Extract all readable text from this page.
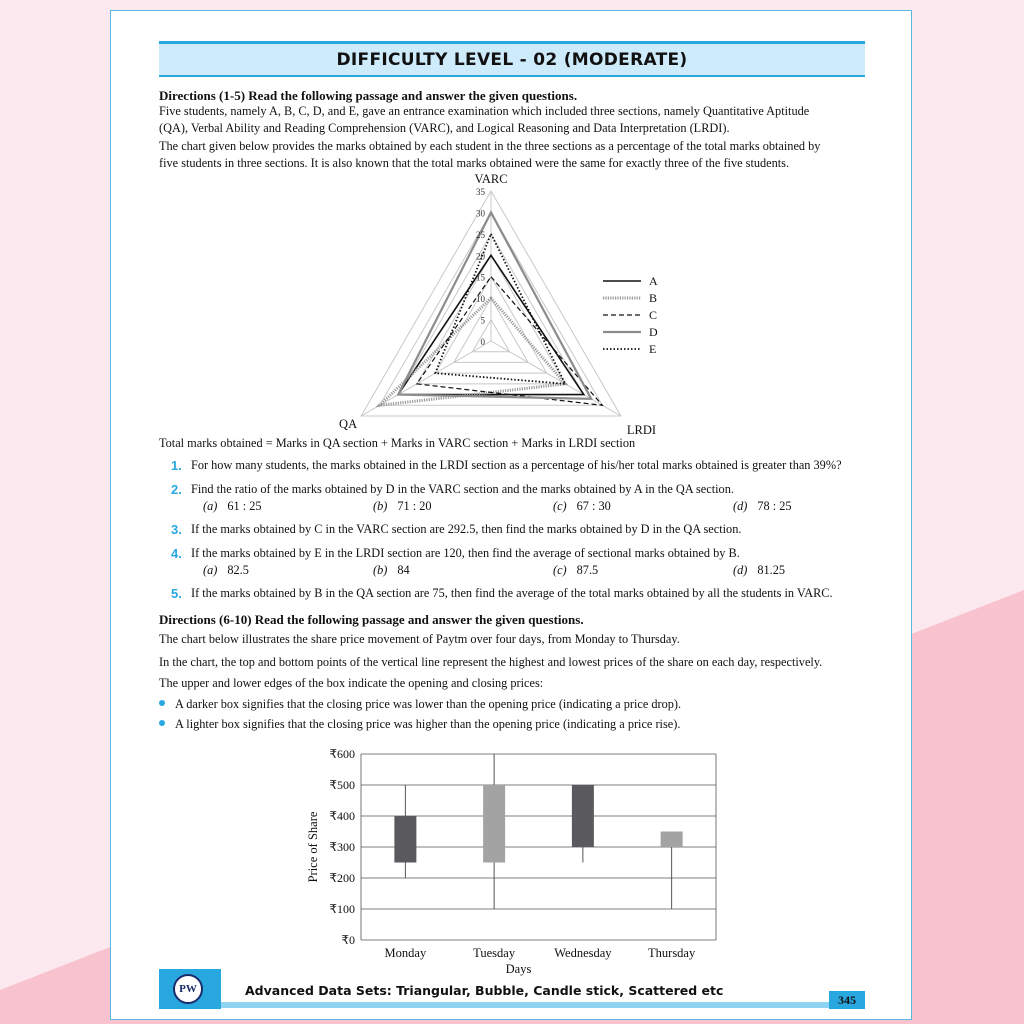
DIFFICULTY LEVEL - 02 (MODERATE)
Directions (1-5) Read the following passage and answer the given questions.
Five students, namely A, B, C, D, and E, gave an entrance examination which included three sections, namely Quantitative Aptitude
(QA), Verbal Ability and Reading Comprehension (VARC), and Logical Reasoning and Data Interpretation (LRDI).
The chart given below provides the marks obtained by each student in the three sections as a percentage of the total marks obtained by
five students in three sections. It is also known that the total marks obtained were the same for exactly three of the five students.
0
5
10
15
20
25
30
35
VARC
LRDI
QA
A
B
C
D
E
Total marks obtained = Marks in QA section + Marks in VARC section + Marks in LRDI section
1. For how many students, the marks obtained in the LRDI section as a percentage of his/her total marks obtained is greater than 39%?
2. Find the ratio of the marks obtained by D in the VARC section and the marks obtained by A in the QA section.
(a) 61 : 25	(b) 71 : 20	(c) 67 : 30	(d) 78 : 25
3. If the marks obtained by C in the VARC section are 292.5, then find the marks obtained by D in the QA section.
4. If the marks obtained by E in the LRDI section are 120, then find the average of sectional marks obtained by B.
(a) 82.5	(b) 84	(c) 87.5	(d) 81.25
5. If the marks obtained by B in the QA section are 75, then find the average of the total marks obtained by all the students in VARC.
Directions (6-10) Read the following passage and answer the given questions.
The chart below illustrates the share price movement of Paytm over four days, from Monday to Thursday.
In the chart, the top and bottom points of the vertical line represent the highest and lowest prices of the share on each day, respectively.
The upper and lower edges of the box indicate the opening and closing prices:
A darker box signifies that the closing price was lower than the opening price (indicating a price drop).
A lighter box signifies that the closing price was higher than the opening price (indicating a price rise).
₹0
₹100
₹200
₹300
₹400
₹500
₹600
Monday	Tuesday	Wednesday	Thursday
Days
Price of Share
PW	Advanced Data Sets: Triangular, Bubble, Candle stick, Scattered etc
345
